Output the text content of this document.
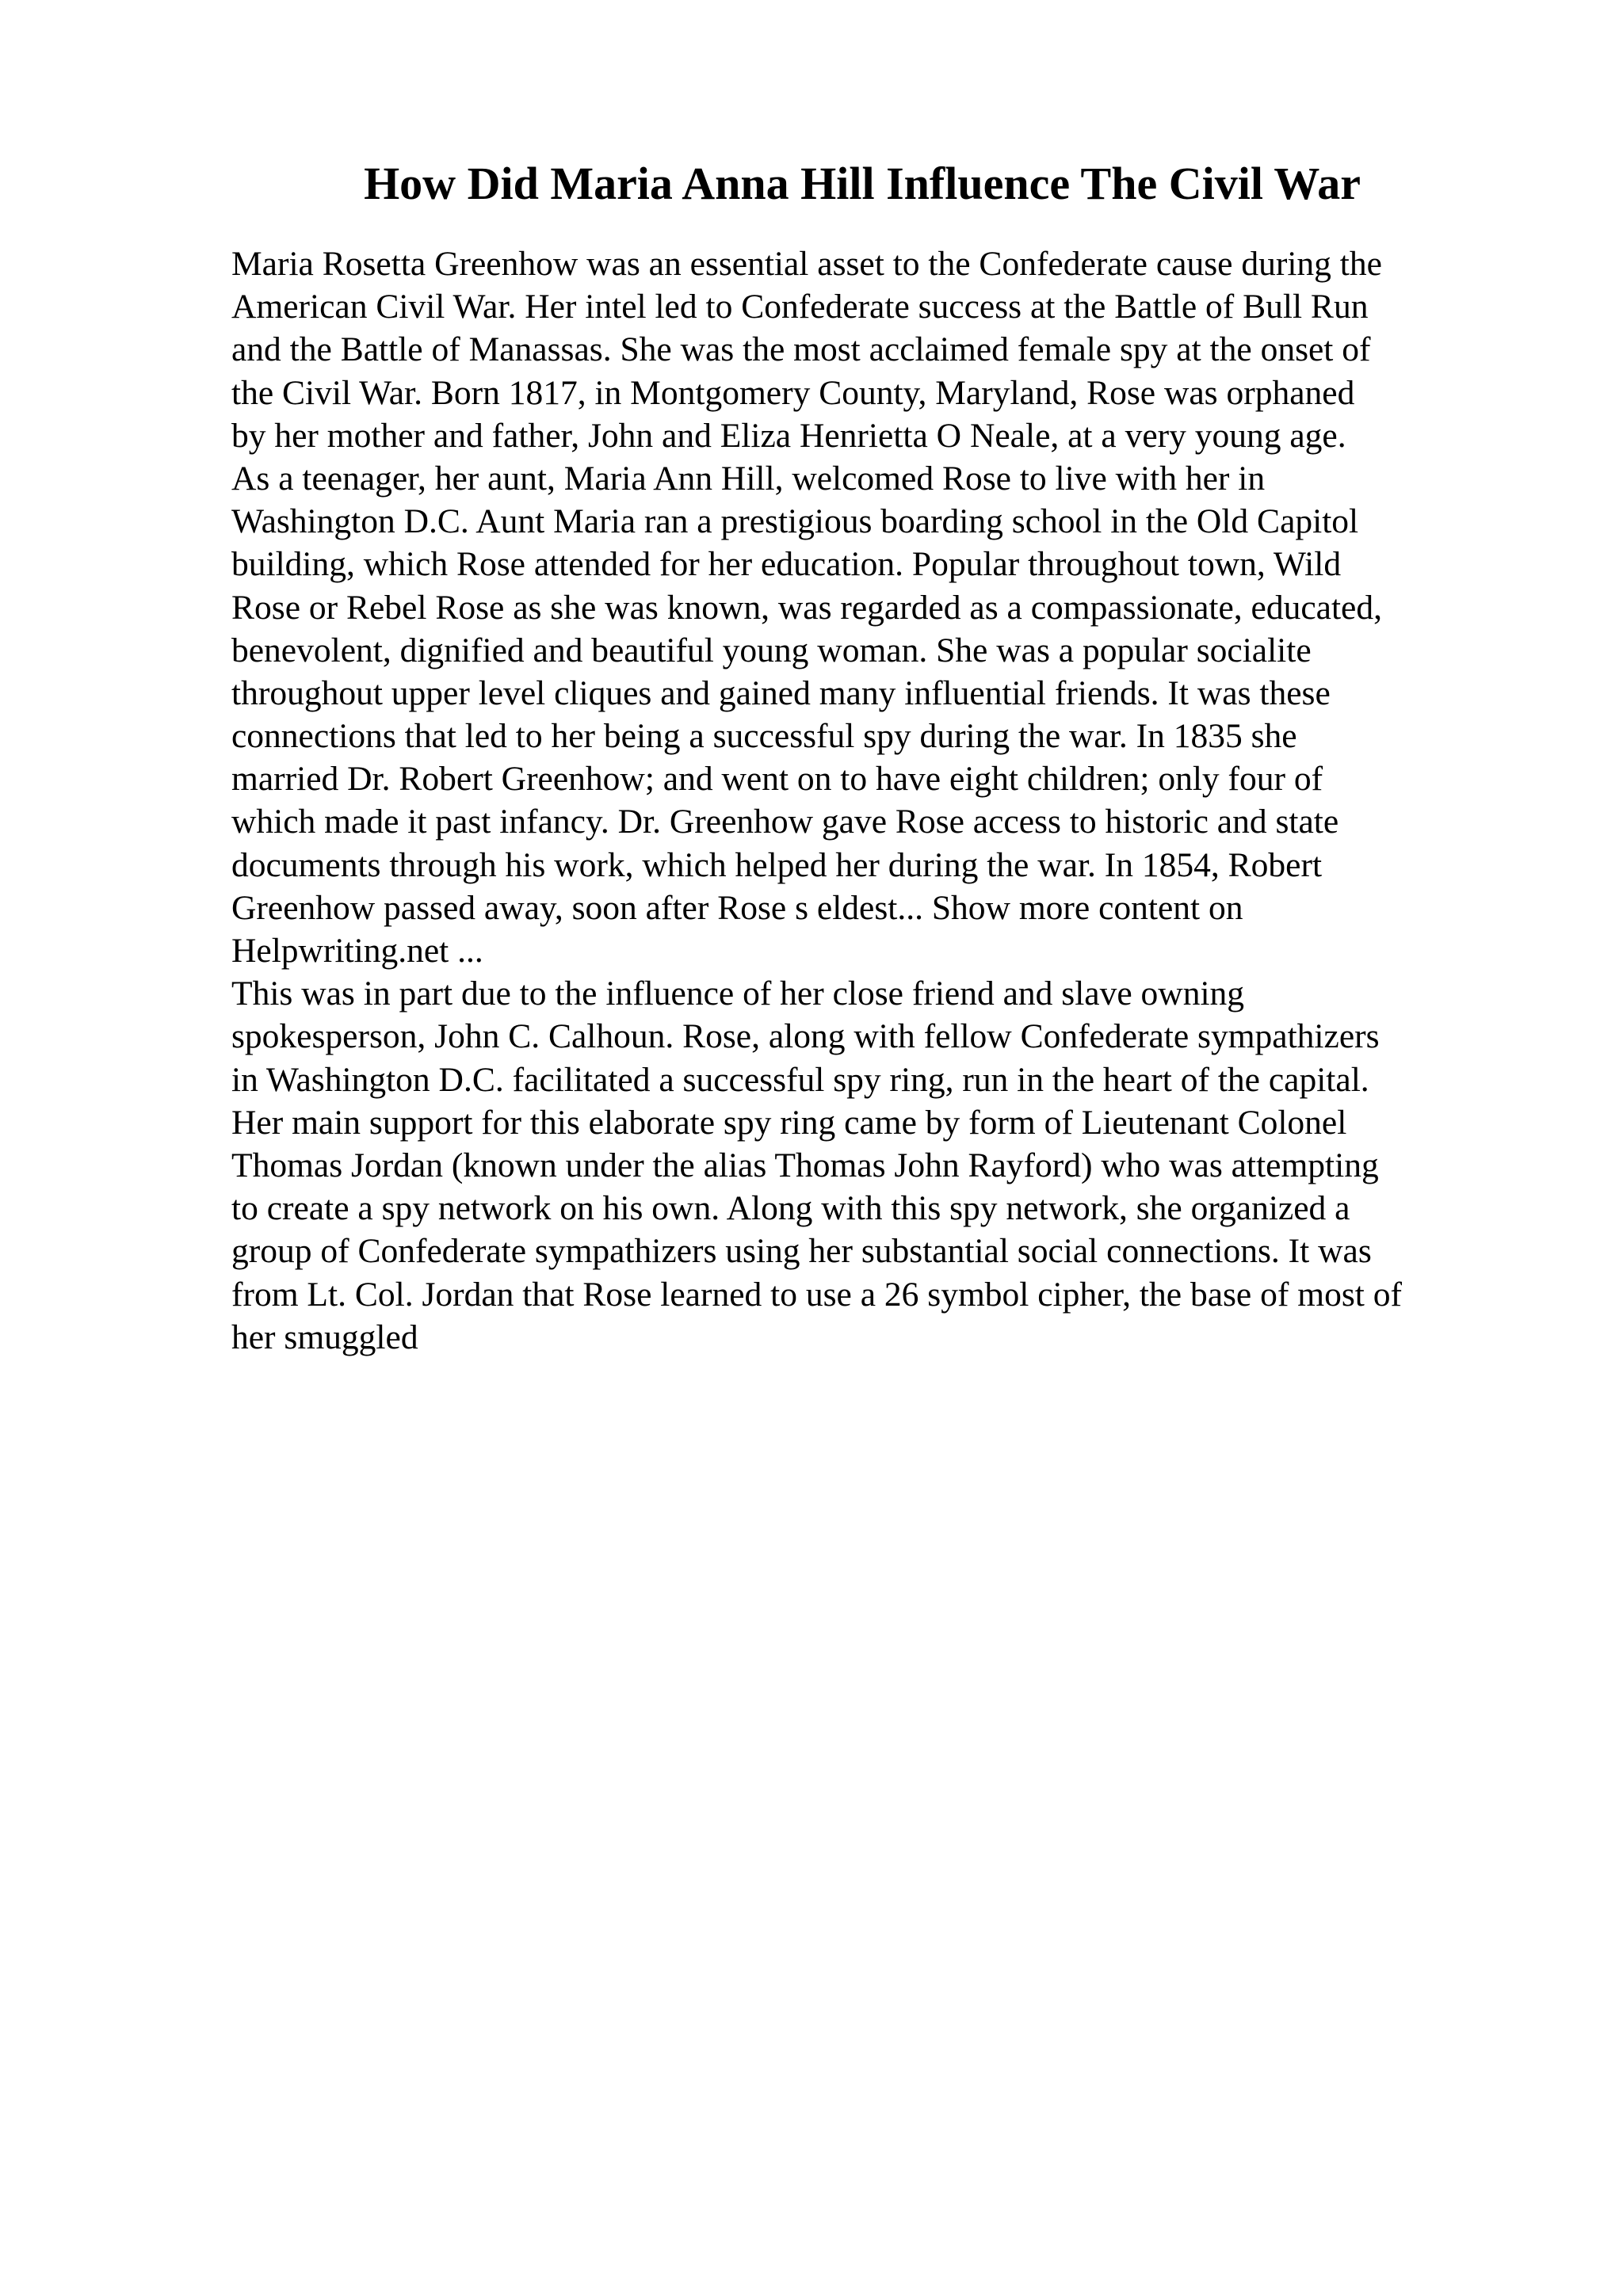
How Did Maria Anna Hill Influence The Civil War
Maria Rosetta Greenhow was an essential asset to the Confederate cause during the
American Civil War. Her intel led to Confederate success at the Battle of Bull Run
and the Battle of Manassas. She was the most acclaimed female spy at the onset of
the Civil War. Born 1817, in Montgomery County, Maryland, Rose was orphaned
by her mother and father, John and Eliza Henrietta O Neale, at a very young age.
As a teenager, her aunt, Maria Ann Hill, welcomed Rose to live with her in
Washington D.C. Aunt Maria ran a prestigious boarding school in the Old Capitol
building, which Rose attended for her education. Popular throughout town, Wild
Rose or Rebel Rose as she was known, was regarded as a compassionate, educated,
benevolent, dignified and beautiful young woman. She was a popular socialite
throughout upper level cliques and gained many influential friends. It was these
connections that led to her being a successful spy during the war. In 1835 she
married Dr. Robert Greenhow; and went on to have eight children; only four of
which made it past infancy. Dr. Greenhow gave Rose access to historic and state
documents through his work, which helped her during the war. In 1854, Robert
Greenhow passed away, soon after Rose s eldest... Show more content on
Helpwriting.net ...
This was in part due to the influence of her close friend and slave owning
spokesperson, John C. Calhoun. Rose, along with fellow Confederate sympathizers
in Washington D.C. facilitated a successful spy ring, run in the heart of the capital.
Her main support for this elaborate spy ring came by form of Lieutenant Colonel
Thomas Jordan (known under the alias Thomas John Rayford) who was attempting
to create a spy network on his own. Along with this spy network, she organized a
group of Confederate sympathizers using her substantial social connections. It was
from Lt. Col. Jordan that Rose learned to use a 26 symbol cipher, the base of most of
her smuggled
